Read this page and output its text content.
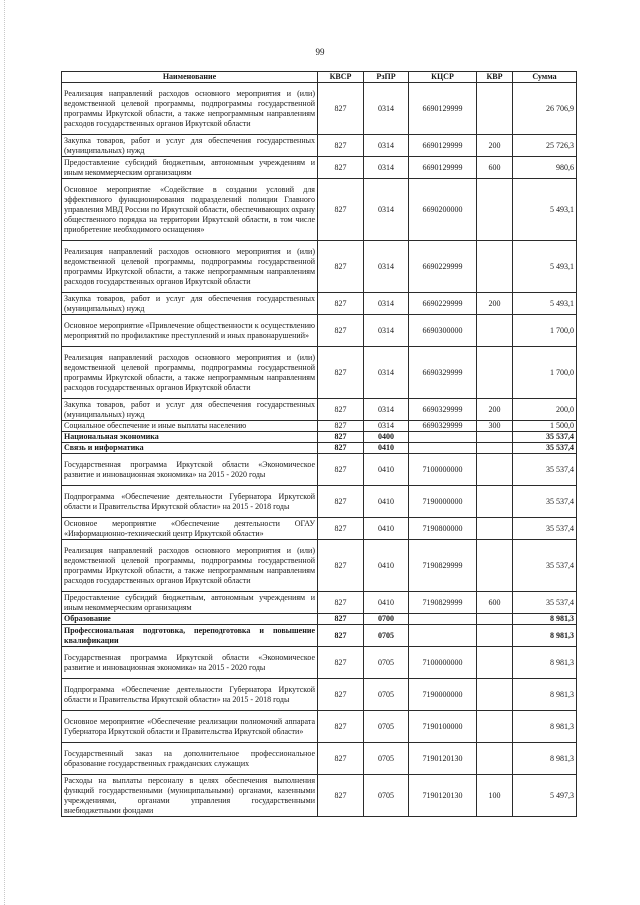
99
Наименование	КВСР	РзПР	КЦСР	КВР	Сумма
Реализация направлений расходов основного мероприятия и (или) ведомственной целевой программы, подпрограммы государственной программы Иркутской области, а также непрограммным направлениям расходов государственных органов Иркутской области	827	0314	6690129999		26 706,9
Закупка товаров, работ и услуг для обеспечения государственных (муниципальных) нужд	827	0314	6690129999	200	25 726,3
Предоставление субсидий бюджетным, автономным учреждениям и иным некоммерческим организациям	827	0314	6690129999	600	980,6
Основное мероприятие «Содействие в создании условий для эффективного функционирования подразделений полиции Главного управления МВД России по Иркутской области, обеспечивающих охрану общественного порядка на территории Иркутской области, в том числе приобретение необходимого оснащения»	827	0314	6690200000		5 493,1
Реализация направлений расходов основного мероприятия и (или) ведомственной целевой программы, подпрограммы государственной программы Иркутской области, а также непрограммным направлениям расходов государственных органов Иркутской области	827	0314	6690229999		5 493,1
Закупка товаров, работ и услуг для обеспечения государственных (муниципальных) нужд	827	0314	6690229999	200	5 493,1
Основное мероприятие «Привлечение общественности к осуществлению мероприятий по профилактике преступлений и иных правонарушений»	827	0314	6690300000		1 700,0
Реализация направлений расходов основного мероприятия и (или) ведомственной целевой программы, подпрограммы государственной программы Иркутской области, а также непрограммным направлениям расходов государственных органов Иркутской области	827	0314	6690329999		1 700,0
Закупка товаров, работ и услуг для обеспечения государственных (муниципальных) нужд	827	0314	6690329999	200	200,0
Социальное обеспечение и иные выплаты населению	827	0314	6690329999	300	1 500,0
Национальная экономика	827	0400			35 537,4
Связь и информатика	827	0410			35 537,4
Государственная программа Иркутской области «Экономическое развитие и инновационная экономика» на 2015 - 2020 годы	827	0410	7100000000		35 537,4
Подпрограмма «Обеспечение деятельности Губернатора Иркутской области и Правительства Иркутской области» на 2015 - 2018 годы	827	0410	7190000000		35 537,4
Основное мероприятие «Обеспечение деятельности ОГАУ «Информационно-технический центр Иркутской области»	827	0410	7190800000		35 537,4
Реализация направлений расходов основного мероприятия и (или) ведомственной целевой программы, подпрограммы государственной программы Иркутской области, а также непрограммным направлениям расходов государственных органов Иркутской области	827	0410	7190829999		35 537,4
Предоставление субсидий бюджетным, автономным учреждениям и иным некоммерческим организациям	827	0410	7190829999	600	35 537,4
Образование	827	0700			8 981,3
Профессиональная подготовка, переподготовка и повышение квалификации	827	0705			8 981,3
Государственная программа Иркутской области «Экономическое развитие и инновационная экономика» на 2015 - 2020 годы	827	0705	7100000000		8 981,3
Подпрограмма «Обеспечение деятельности Губернатора Иркутской области и Правительства Иркутской области» на 2015 - 2018 годы	827	0705	7190000000		8 981,3
Основное мероприятие «Обеспечение реализации полномочий аппарата Губернатора Иркутской области и Правительства Иркутской области»	827	0705	7190100000		8 981,3
Государственный заказ на дополнительное профессиональное образование государственных гражданских служащих	827	0705	7190120130		8 981,3
Расходы на выплаты персоналу в целях обеспечения выполнения функций государственными (муниципальными) органами, казенными учреждениями, органами управления государственными внебюджетными фондами	827	0705	7190120130	100	5 497,3
